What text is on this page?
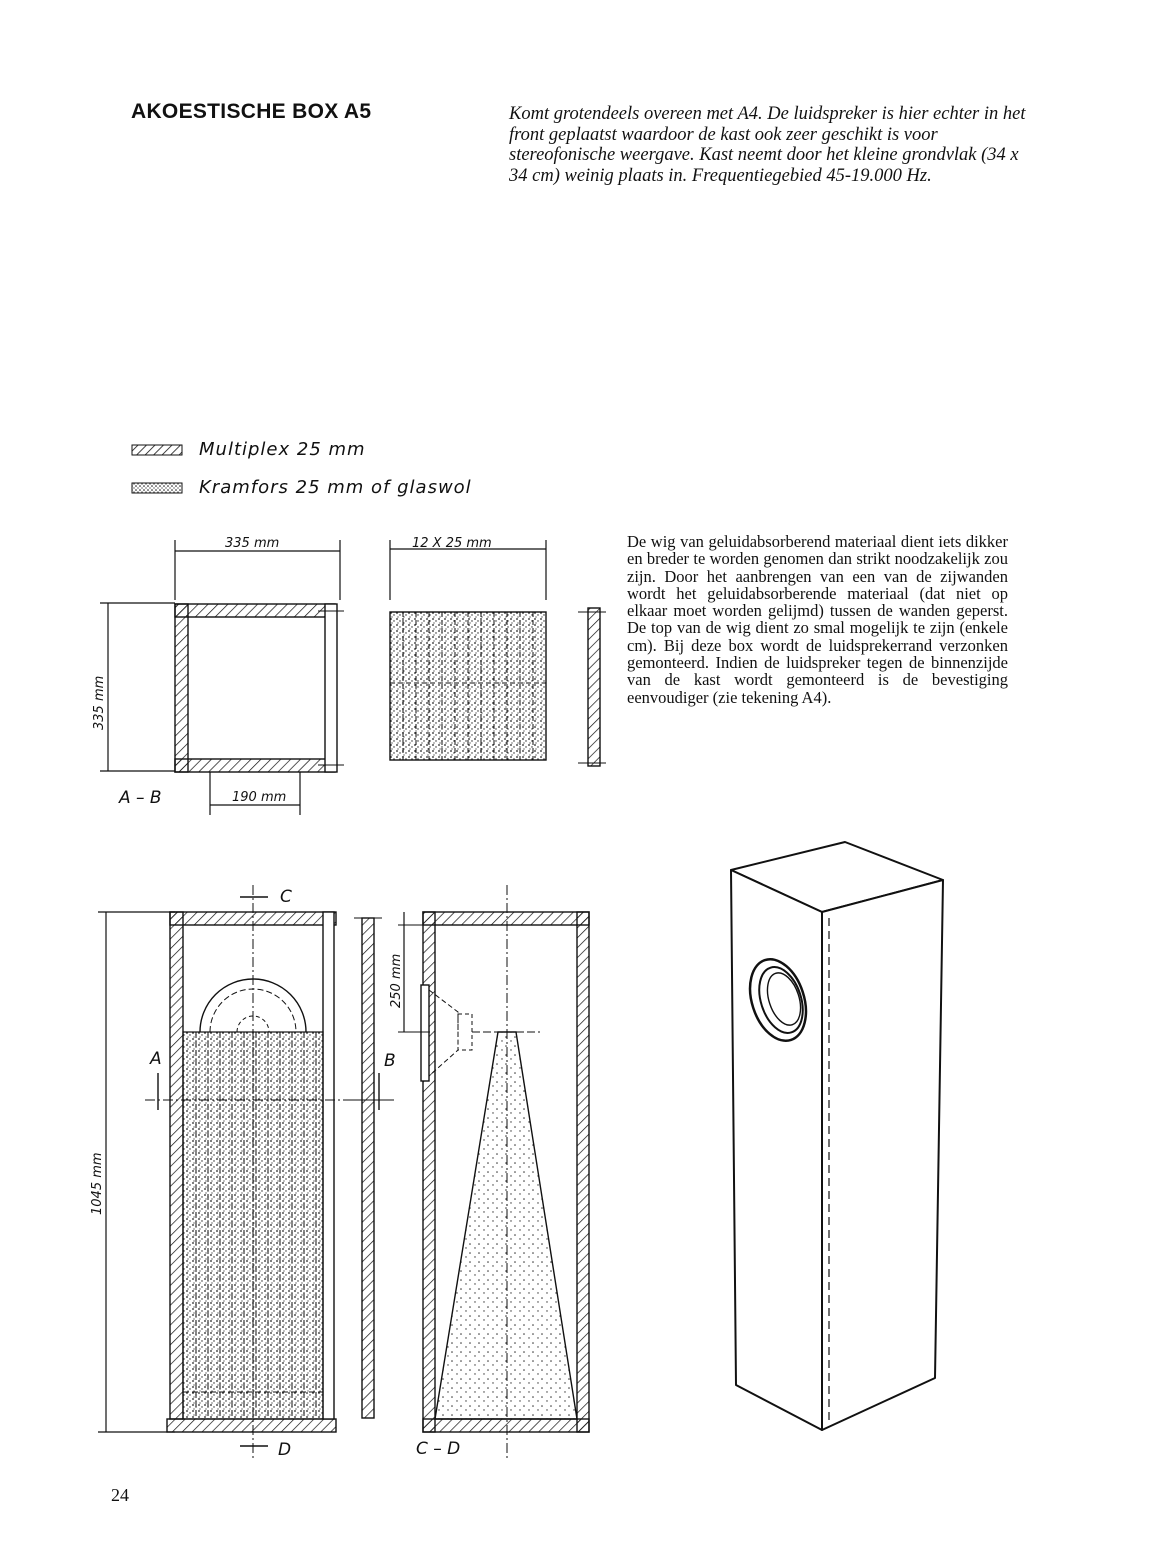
AKOESTISCHE BOX A5	Komt grotendeels overeen met A4. De luidspreker is hier echter in het front geplaatst waardoor de kast ook zeer geschikt is voor stereofonische weergave. Kast neemt door het kleine grondvlak (34 x 34 cm) weinig plaats in. Frequentiegebied 45-19.000 Hz.
Multiplex 25 mm
Kramfors 25 mm of glaswol
De wig van geluidabsorberend materiaal dient iets dikker en breder te worden genomen dan strikt noodzakelijk zou zijn. Door het aanbrengen van een van de zijwanden wordt het geluidabsorberende materiaal (dat niet op elkaar moet worden gelijmd) tussen de wanden geperst. De top van de wig dient zo smal mogelijk te zijn (enkele cm). Bij deze box wordt de luidsprekerrand verzonken gemonteerd. Indien de luidspreker tegen de binnenzijde van de kast wordt gemonteerd is de bevestiging eenvoudiger (zie tekening A4).
335 mm
335 mm
190 mm
A – B
12 X 25 mm
1045 mm
C
D
A	B
250 mm
C – D
24
